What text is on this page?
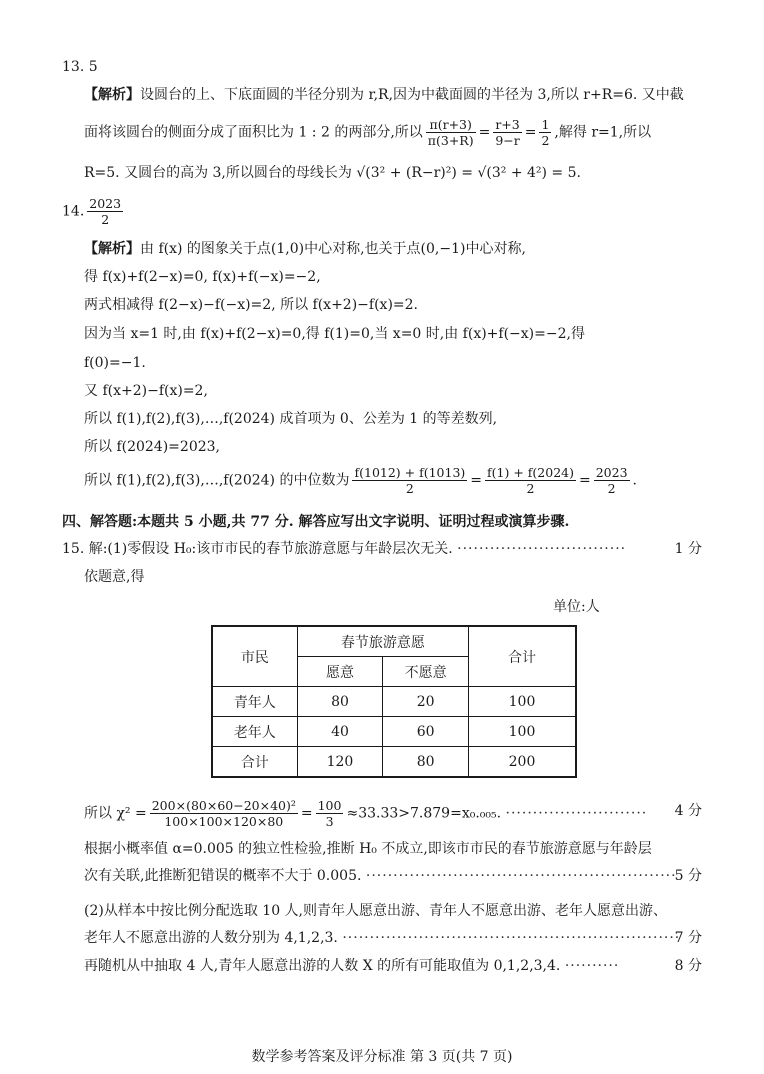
13. 5
【解析】设圆台的上、下底面圆的半径分别为 r,R,因为中截面圆的半径为 3,所以 r+R=6. 又中截
面将该圆台的侧面分成了面积比为 1 : 2 的两部分,所以 $\frac{\pi(r+3)}{\pi(3+R)} = \frac{r+3}{9-r} = \frac{1}{2}$ ,解得 r=1,所以
R=5. 又圆台的高为 3,所以圆台的母线长为 √(3² + (R−r)²) = √(3² + 4²) = 5.
14. $\frac{2023}{2}$
【解析】由 f(x) 的图象关于点(1,0)中心对称,也关于点(0,−1)中心对称,
得 f(x)+f(2−x)=0, f(x)+f(−x)=−2,
两式相减得 f(2−x)−f(−x)=2, 所以 f(x+2)−f(x)=2.
因为当 x=1 时,由 f(x)+f(2−x)=0,得 f(1)=0,当 x=0 时,由 f(x)+f(−x)=−2,得
f(0)=−1.
又 f(x+2)−f(x)=2,
所以 f(1),f(2),f(3),…,f(2024) 成首项为 0、公差为 1 的等差数列,
所以 f(2024)=2023,
所以 f(1),f(2),f(3),…,f(2024) 的中位数为 $\frac{f(1012) + f(1013)}{2} = \frac{f(1) + f(2024)}{2} = \frac{2023}{2}$ .
四、解答题:本题共 5 小题,共 77 分. 解答应写出文字说明、证明过程或演算步骤.
15. 解:(1)零假设 H₀:该市市民的春节旅游意愿与年龄层次无关. ·······························	1 分
依题意,得
单位:人
市民	春节旅游意愿		合计
	愿意	不愿意	
青年人	80	20	100
老年人	40	60	100
合计	120	80	200
所以 $\chi^2 = \frac{\text{200×(80×60−20×40)²}}{100\times 100\times 120\times 80} = \frac{100}{3} \approx 33.33>7.879=x_0._{005}$. ·························· 4 分
根据小概率值 α=0.005 的独立性检验,推断 H₀ 不成立,即该市市民的春节旅游意愿与年龄层
次有关联,此推断犯错误的概率不大于 0.005. ·························································
5 分
(2)从样本中按比例分配选取 10 人,则青年人愿意出游、青年人不愿意出游、老年人愿意出游、
老年人不愿意出游的人数分别为 4,1,2,3. ······························································
7 分
再随机从中抽取 4 人,青年人愿意出游的人数 X 的所有可能取值为 0,1,2,3,4. ··········	8 分
数学参考答案及评分标准 第 3 页(共 7 页)
